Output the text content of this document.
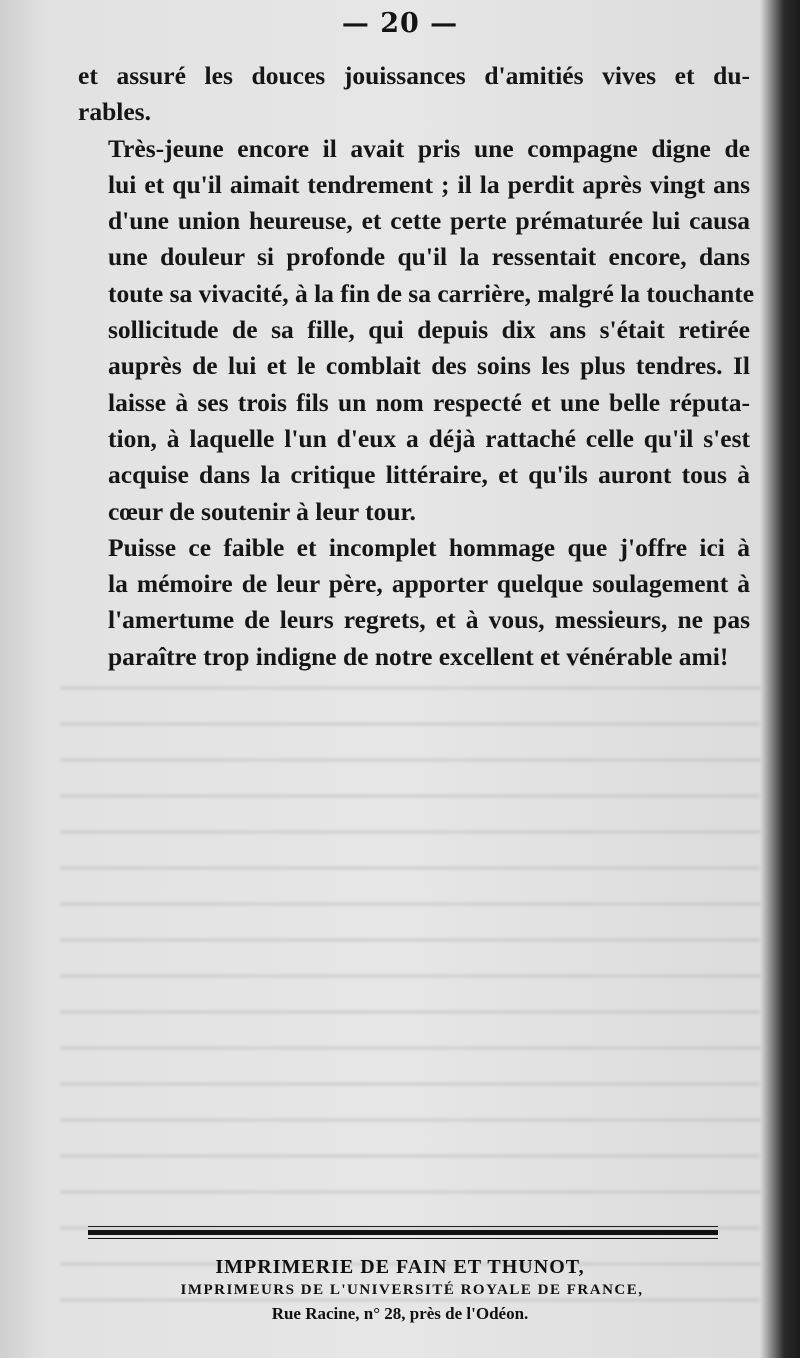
— 20 —

et assuré les douces jouissances d'amitiés vives et du-
rables.

Très-jeune encore il avait pris une compagne digne de
lui et qu'il aimait tendrement ; il la perdit après vingt ans
d'une union heureuse, et cette perte prématurée lui causa
une douleur si profonde qu'il la ressentait encore, dans
toute sa vivacité, à la fin de sa carrière, malgré la touchante
sollicitude de sa fille, qui depuis dix ans s'était retirée
auprès de lui et le comblait des soins les plus tendres. Il
laisse à ses trois fils un nom respecté et une belle réputa-
tion, à laquelle l'un d'eux a déjà rattaché celle qu'il s'est
acquise dans la critique littéraire, et qu'ils auront tous à
cœur de soutenir à leur tour.

Puisse ce faible et incomplet hommage que j'offre ici à
la mémoire de leur père, apporter quelque soulagement à
l'amertume de leurs regrets, et à vous, messieurs, ne pas
paraître trop indigne de notre excellent et vénérable ami!

IMPRIMERIE DE FAIN ET THUNOT,
IMPRIMEURS DE L'UNIVERSITÉ ROYALE DE FRANCE,
Rue Racine, n° 28, près de l'Odéon.
